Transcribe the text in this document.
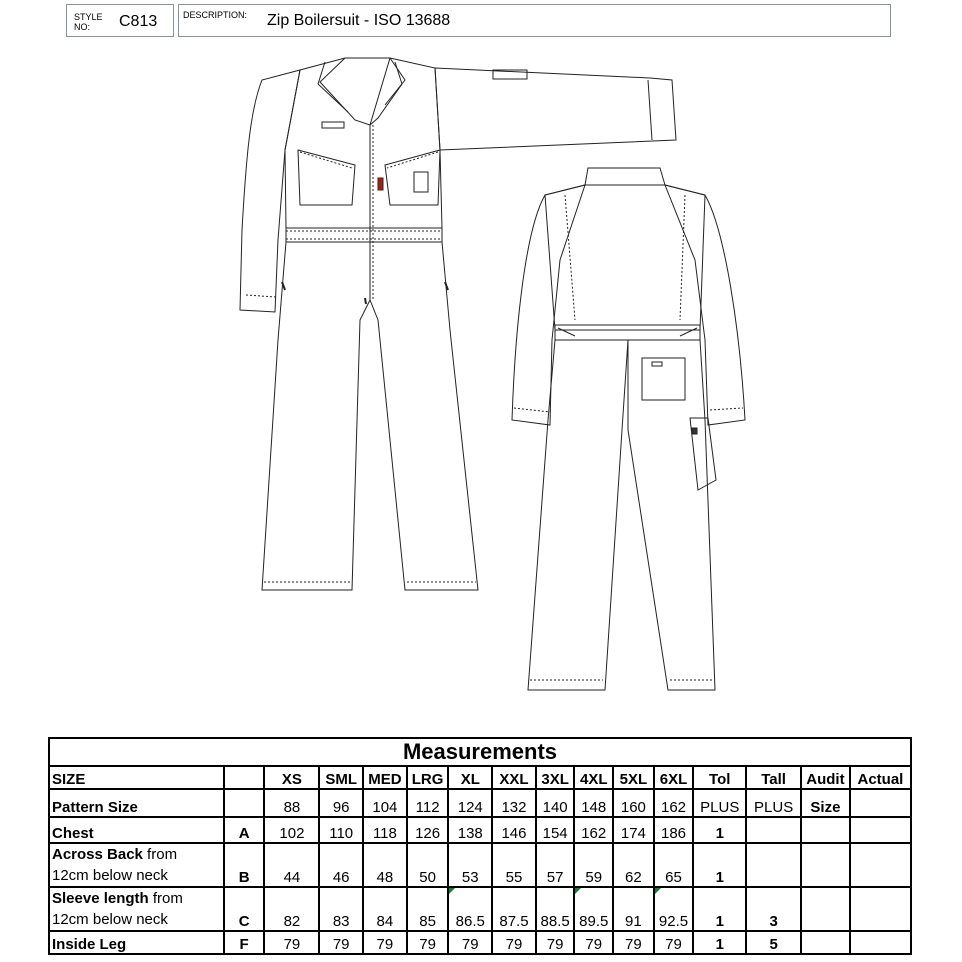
STYLE
NO:	C813	DESCRIPTION: Zip Boilersuit - ISO 13688
Measurements															
SIZE		XS	SML	MED	LRG	XL	XXL	3XL	4XL	5XL	6XL	Tol	Tall	Audit	Actual
Pattern Size		88	96	104	112	124	132	140	148	160	162	PLUS	PLUS	Size	
Chest	A	102	110	118	126	138	146	154	162	174	186	1			
Across Back from
12cm below neck	B	44	46	48	50	53	55	57	59	62	65	1			
Sleeve length from
12cm below neck	C	82	83	84	85	86.5	87.5	88.5	89.5	91	92.5	1	3		
Inside Leg	F	79	79	79	79	79	79	79	79	79	79	1	5		
